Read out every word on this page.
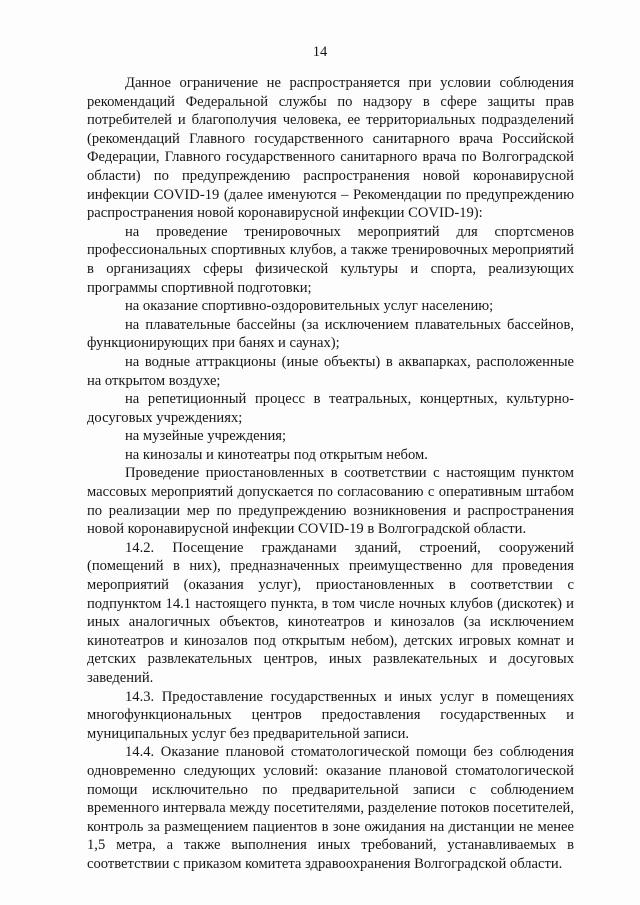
14

Данное ограничение не распространяется при условии соблюдения рекомендаций Федеральной службы по надзору в сфере защиты прав потребителей и благополучия человека, ее территориальных подразделений (рекомендаций Главного государственного санитарного врача Российской Федерации, Главного государственного санитарного врача по Волгоградской области) по предупреждению распространения новой коронавирусной инфекции COVID-19 (далее именуются – Рекомендации по предупреждению распространения новой коронавирусной инфекции COVID-19):

на проведение тренировочных мероприятий для спортсменов профессиональных спортивных клубов, а также тренировочных мероприятий в организациях сферы физической культуры и спорта, реализующих программы спортивной подготовки;

на оказание спортивно-оздоровительных услуг населению;

на плавательные бассейны (за исключением плавательных бассейнов, функционирующих при банях и саунах);

на водные аттракционы (иные объекты) в аквапарках, расположенные на открытом воздухе;

на репетиционный процесс в театральных, концертных, культурно-досуговых учреждениях;

на музейные учреждения;

на кинозалы и кинотеатры под открытым небом.

Проведение приостановленных в соответствии с настоящим пунктом массовых мероприятий допускается по согласованию с оперативным штабом по реализации мер по предупреждению возникновения и распространения новой коронавирусной инфекции COVID-19 в Волгоградской области.

14.2. Посещение гражданами зданий, строений, сооружений (помещений в них), предназначенных преимущественно для проведения мероприятий (оказания услуг), приостановленных в соответствии с подпунктом 14.1 настоящего пункта, в том числе ночных клубов (дискотек) и иных аналогичных объектов, кинотеатров и кинозалов (за исключением кинотеатров и кинозалов под открытым небом), детских игровых комнат и детских развлекательных центров, иных развлекательных и досуговых заведений.

14.3. Предоставление государственных и иных услуг в помещениях многофункциональных центров предоставления государственных и муниципальных услуг без предварительной записи.

14.4. Оказание плановой стоматологической помощи без соблюдения одновременно следующих условий: оказание плановой стоматологической помощи исключительно по предварительной записи с соблюдением временного интервала между посетителями, разделение потоков посетителей, контроль за размещением пациентов в зоне ожидания на дистанции не менее 1,5 метра, а также выполнения иных требований, устанавливаемых в соответствии с приказом комитета здравоохранения Волгоградской области.
